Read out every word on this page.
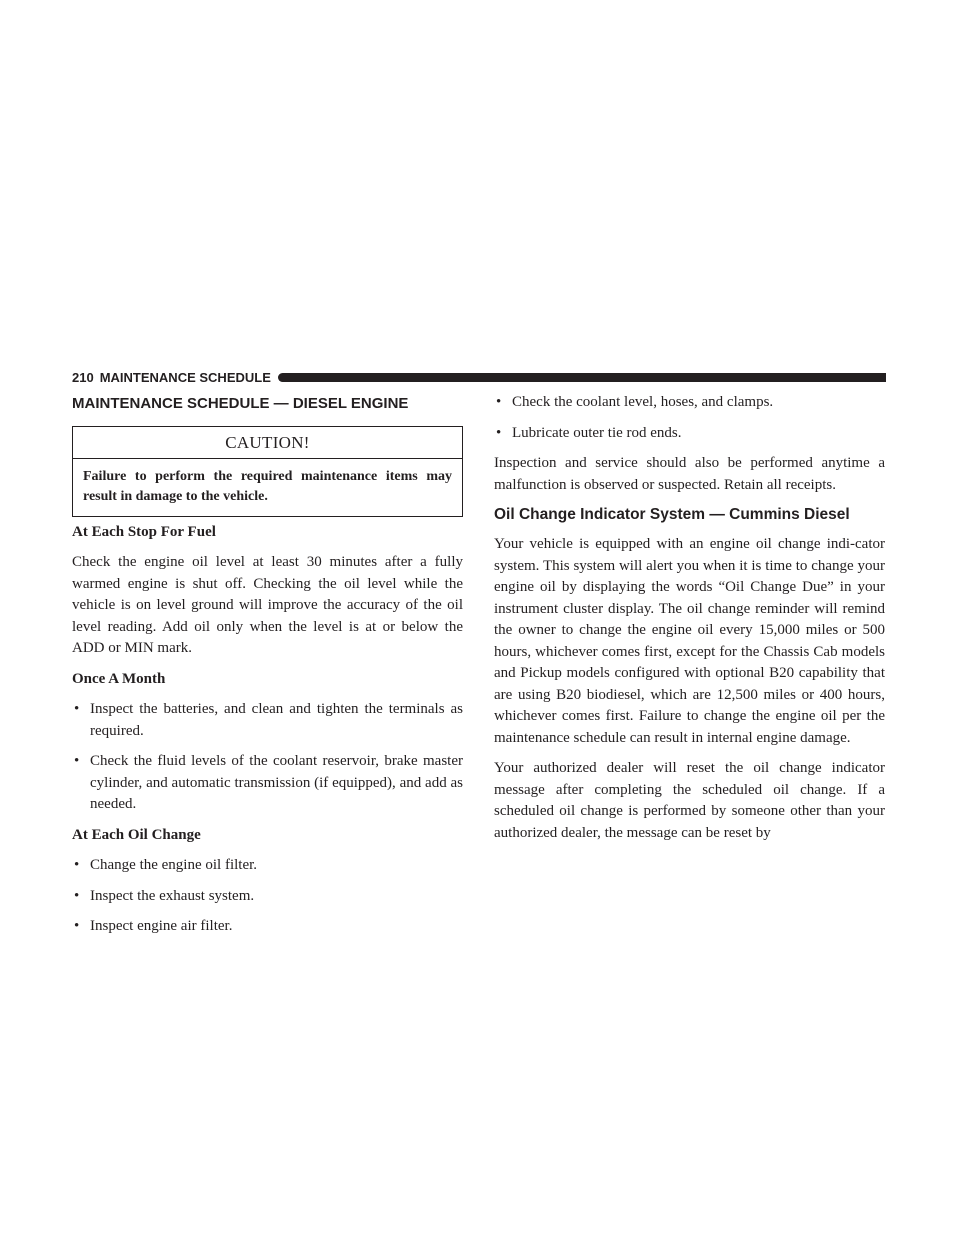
210 MAINTENANCE SCHEDULE
MAINTENANCE SCHEDULE — DIESEL ENGINE
CAUTION!
Failure to perform the required maintenance items may result in damage to the vehicle.
At Each Stop For Fuel

Check the engine oil level at least 30 minutes after a fully warmed engine is shut off. Checking the oil level while the vehicle is on level ground will improve the accuracy of the oil level reading. Add oil only when the level is at or below the ADD or MIN mark.

Once A Month
• Inspect the batteries, and clean and tighten the terminals as required.
• Check the fluid levels of the coolant reservoir, brake master cylinder, and automatic transmission (if equipped), and add as needed.
At Each Oil Change
• Change the engine oil filter.
• Inspect the exhaust system.
• Inspect engine air filter.
• Check the coolant level, hoses, and clamps.
• Lubricate outer tie rod ends.

Inspection and service should also be performed anytime a malfunction is observed or suspected. Retain all receipts.

Oil Change Indicator System — Cummins Diesel

Your vehicle is equipped with an engine oil change indi-cator system. This system will alert you when it is time to change your engine oil by displaying the words “Oil Change Due” in your instrument cluster display. The oil change reminder will remind the owner to change the engine oil every 15,000 miles or 500 hours, whichever comes first, except for the Chassis Cab models and Pickup models configured with optional B20 capability that are using B20 biodiesel, which are 12,500 miles or 400 hours, whichever comes first. Failure to change the engine oil per the maintenance schedule can result in internal engine damage.

Your authorized dealer will reset the oil change indicator message after completing the scheduled oil change. If a scheduled oil change is performed by someone other than your authorized dealer, the message can be reset by
